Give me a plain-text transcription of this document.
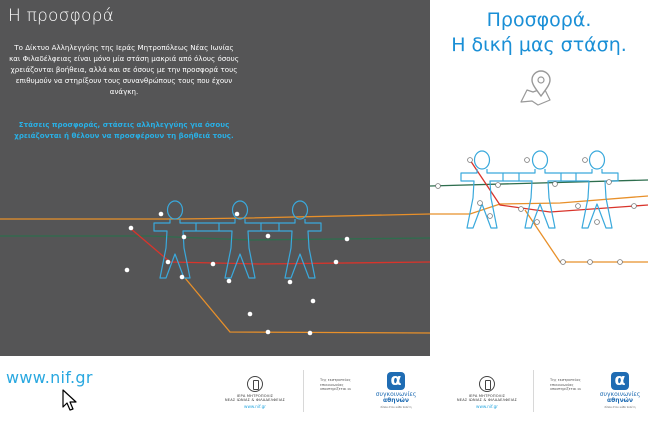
Η προσφορά
Το Δίκτυο Αλληλεγγύης της Ιεράς Μητροπόλεως Νέας Ιωνίας και Φιλαδέλφειας είναι μόνο μία στάση μακριά από όλους όσους χρειάζονται βοήθεια, αλλά και σε όσους με την προσφορά τους επιθυμούν να στηρίξουν τους συνανθρώπους τους που έχουν ανάγκη.
Στάσεις προσφοράς, στάσεις αλληλεγγύης για όσους χρειάζονται ή θέλουν να προσφέρουν τη βοήθειά τους.
Προσφορά.
Η δική μας στάση.
www.nif.gr
ΙΕΡΑ ΜΗΤΡΟΠΟΛΙΣ
ΝΕΑΣ ΙΩΝΙΑΣ & ΦΙΛΑΔΕΛΦΕΙΑΣ
www.nif.gr
Της εκστρατείας επικοινωνίας υποστηρίζεται οι
α
συγκοινωνίες
αθηνών
δίπλα στον κάθε πολίτη
ΙΕΡΑ ΜΗΤΡΟΠΟΛΙΣ
ΝΕΑΣ ΙΩΝΙΑΣ & ΦΙΛΑΔΕΛΦΕΙΑΣ
www.nif.gr
Της εκστρατείας επικοινωνίας υποστηρίζεται οι
α
συγκοινωνίες
αθηνών
δίπλα στον κάθε πολίτη
